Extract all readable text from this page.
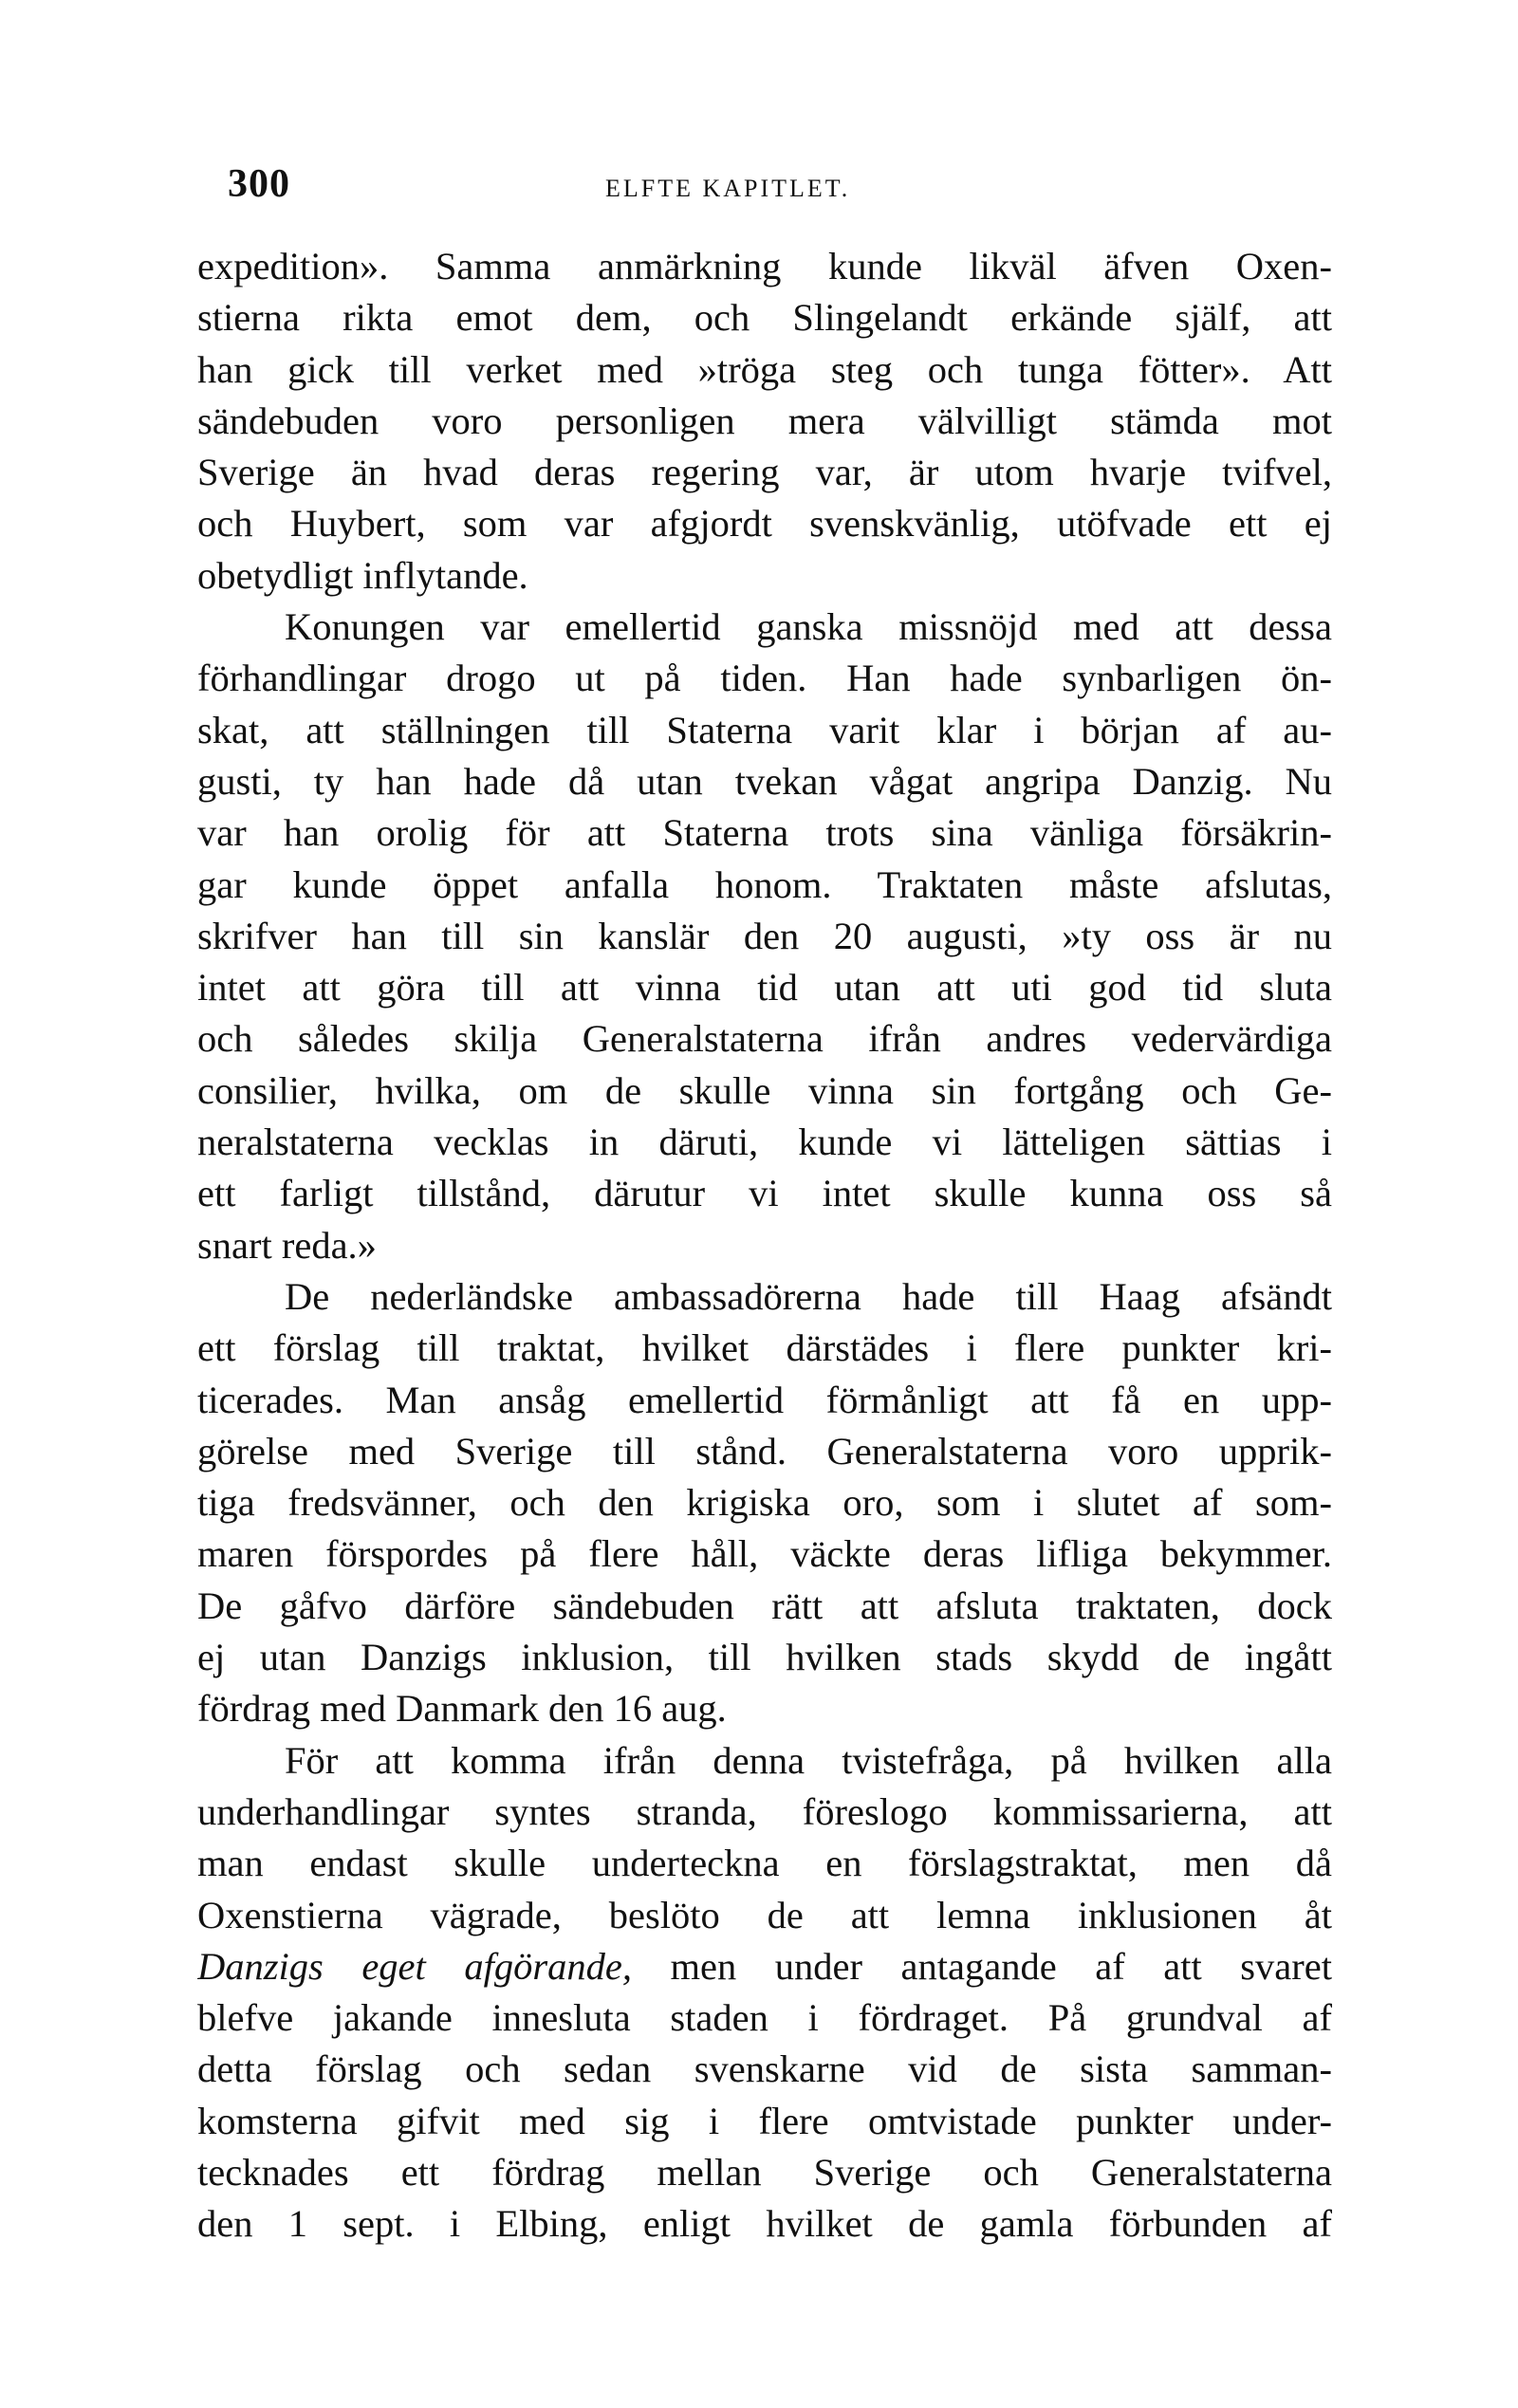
300	ELFTE KAPITLET.
expedition». Samma anmärkning kunde likväl äfven Oxen-
stierna rikta emot dem, och Slingelandt erkände själf, att
han gick till verket med »tröga steg och tunga fötter». Att
sändebuden voro personligen mera välvilligt stämda mot
Sverige än hvad deras regering var, är utom hvarje tvifvel,
och Huybert, som var afgjordt svenskvänlig, utöfvade ett ej
obetydligt inflytande.
Konungen var emellertid ganska missnöjd med att dessa
förhandlingar drogo ut på tiden. Han hade synbarligen ön-
skat, att ställningen till Staterna varit klar i början af au-
gusti, ty han hade då utan tvekan vågat angripa Danzig. Nu
var han orolig för att Staterna trots sina vänliga försäkrin-
gar kunde öppet anfalla honom. Traktaten måste afslutas,
skrifver han till sin kanslär den 20 augusti, »ty oss är nu
intet att göra till att vinna tid utan att uti god tid sluta
och således skilja Generalstaterna ifrån andres vedervärdiga
consilier, hvilka, om de skulle vinna sin fortgång och Ge-
neralstaterna vecklas in däruti, kunde vi lätteligen sättias i
ett farligt tillstånd, därutur vi intet skulle kunna oss så
snart reda.»
De nederländske ambassadörerna hade till Haag afsändt
ett förslag till traktat, hvilket därstädes i flere punkter kri-
ticerades. Man ansåg emellertid förmånligt att få en upp-
görelse med Sverige till stånd. Generalstaterna voro upprik-
tiga fredsvänner, och den krigiska oro, som i slutet af som-
maren förspordes på flere håll, väckte deras lifliga bekymmer.
De gåfvo därföre sändebuden rätt att afsluta traktaten, dock
ej utan Danzigs inklusion, till hvilken stads skydd de ingått
fördrag med Danmark den 16 aug.
För att komma ifrån denna tvistefråga, på hvilken alla
underhandlingar syntes stranda, föreslogo kommissarierna, att
man endast skulle underteckna en förslagstraktat, men då
Oxenstierna vägrade, beslöto de att lemna inklusionen åt
Danzigs eget afgörande, men under antagande af att svaret
blefve jakande innesluta staden i fördraget. På grundval af
detta förslag och sedan svenskarne vid de sista samman-
komsterna gifvit med sig i flere omtvistade punkter under-
tecknades ett fördrag mellan Sverige och Generalstaterna
den 1 sept. i Elbing, enligt hvilket de gamla förbunden af
